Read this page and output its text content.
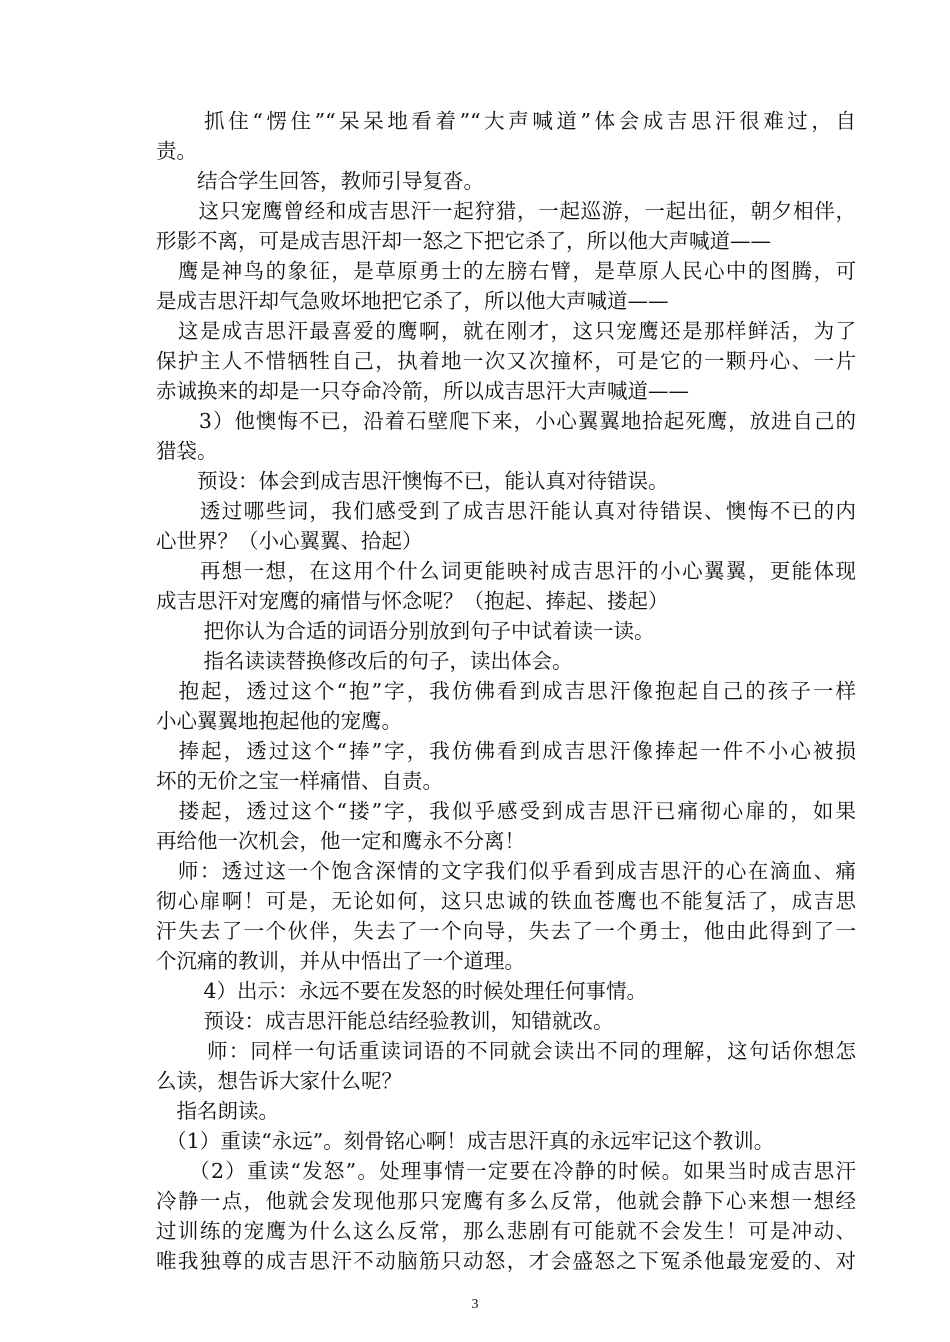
　　抓住“愣住”“呆呆地看着”“大声喊道”体会成吉思汗很难过，自
责。
　　结合学生回答，教师引导复沓。
　　这只宠鹰曾经和成吉思汗一起狩猎，一起巡游，一起出征，朝夕相伴，
形影不离，可是成吉思汗却一怒之下把它杀了，所以他大声喊道——
　鹰是神鸟的象征，是草原勇士的左膀右臂，是草原人民心中的图腾，可
是成吉思汗却气急败坏地把它杀了，所以他大声喊道——
　这是成吉思汗最喜爱的鹰啊，就在刚才，这只宠鹰还是那样鲜活，为了
保护主人不惜牺牲自己，执着地一次又次撞杯，可是它的一颗丹心、一片
赤诚换来的却是一只夺命冷箭，所以成吉思汗大声喊道——
　　3）他懊悔不已，沿着石壁爬下来，小心翼翼地拾起死鹰，放进自己的
猎袋。
　　预设：体会到成吉思汗懊悔不已，能认真对待错误。
　　透过哪些词，我们感受到了成吉思汗能认真对待错误、懊悔不已的内
心世界？（小心翼翼、拾起）
　　再想一想，在这用个什么词更能映衬成吉思汗的小心翼翼，更能体现
成吉思汗对宠鹰的痛惜与怀念呢？（抱起、捧起、搂起）
　　 把你认为合适的词语分别放到句子中试着读一读。
　　 指名读读替换修改后的句子，读出体会。
　抱起，透过这个“抱”字，我仿佛看到成吉思汗像抱起自己的孩子一样
小心翼翼地抱起他的宠鹰。
　捧起，透过这个“捧”字，我仿佛看到成吉思汗像捧起一件不小心被损
坏的无价之宝一样痛惜、自责。
　搂起，透过这个“搂”字，我似乎感受到成吉思汗已痛彻心扉的，如果
再给他一次机会，他一定和鹰永不分离！
　师：透过这一个饱含深情的文字我们似乎看到成吉思汗的心在滴血、痛
彻心扉啊！可是，无论如何，这只忠诚的铁血苍鹰也不能复活了，成吉思
汗失去了一个伙伴，失去了一个向导，失去了一个勇士，他由此得到了一
个沉痛的教训，并从中悟出了一个道理。
　　 4）出示：永远不要在发怒的时候处理任何事情。
　　 预设：成吉思汗能总结经验教训，知错就改。
　　 师：同样一句话重读词语的不同就会读出不同的理解，这句话你想怎
么读，想告诉大家什么呢？
　指名朗读。
　（1）重读“永远”。刻骨铭心啊！成吉思汗真的永远牢记这个教训。
　　（2）重读“发怒”。处理事情一定要在冷静的时候。如果当时成吉思汗
冷静一点，他就会发现他那只宠鹰有多么反常，他就会静下心来想一想经
过训练的宠鹰为什么这么反常，那么悲剧有可能就不会发生！可是冲动、
唯我独尊的成吉思汗不动脑筋只动怒，才会盛怒之下冤杀他最宠爱的、对
3
